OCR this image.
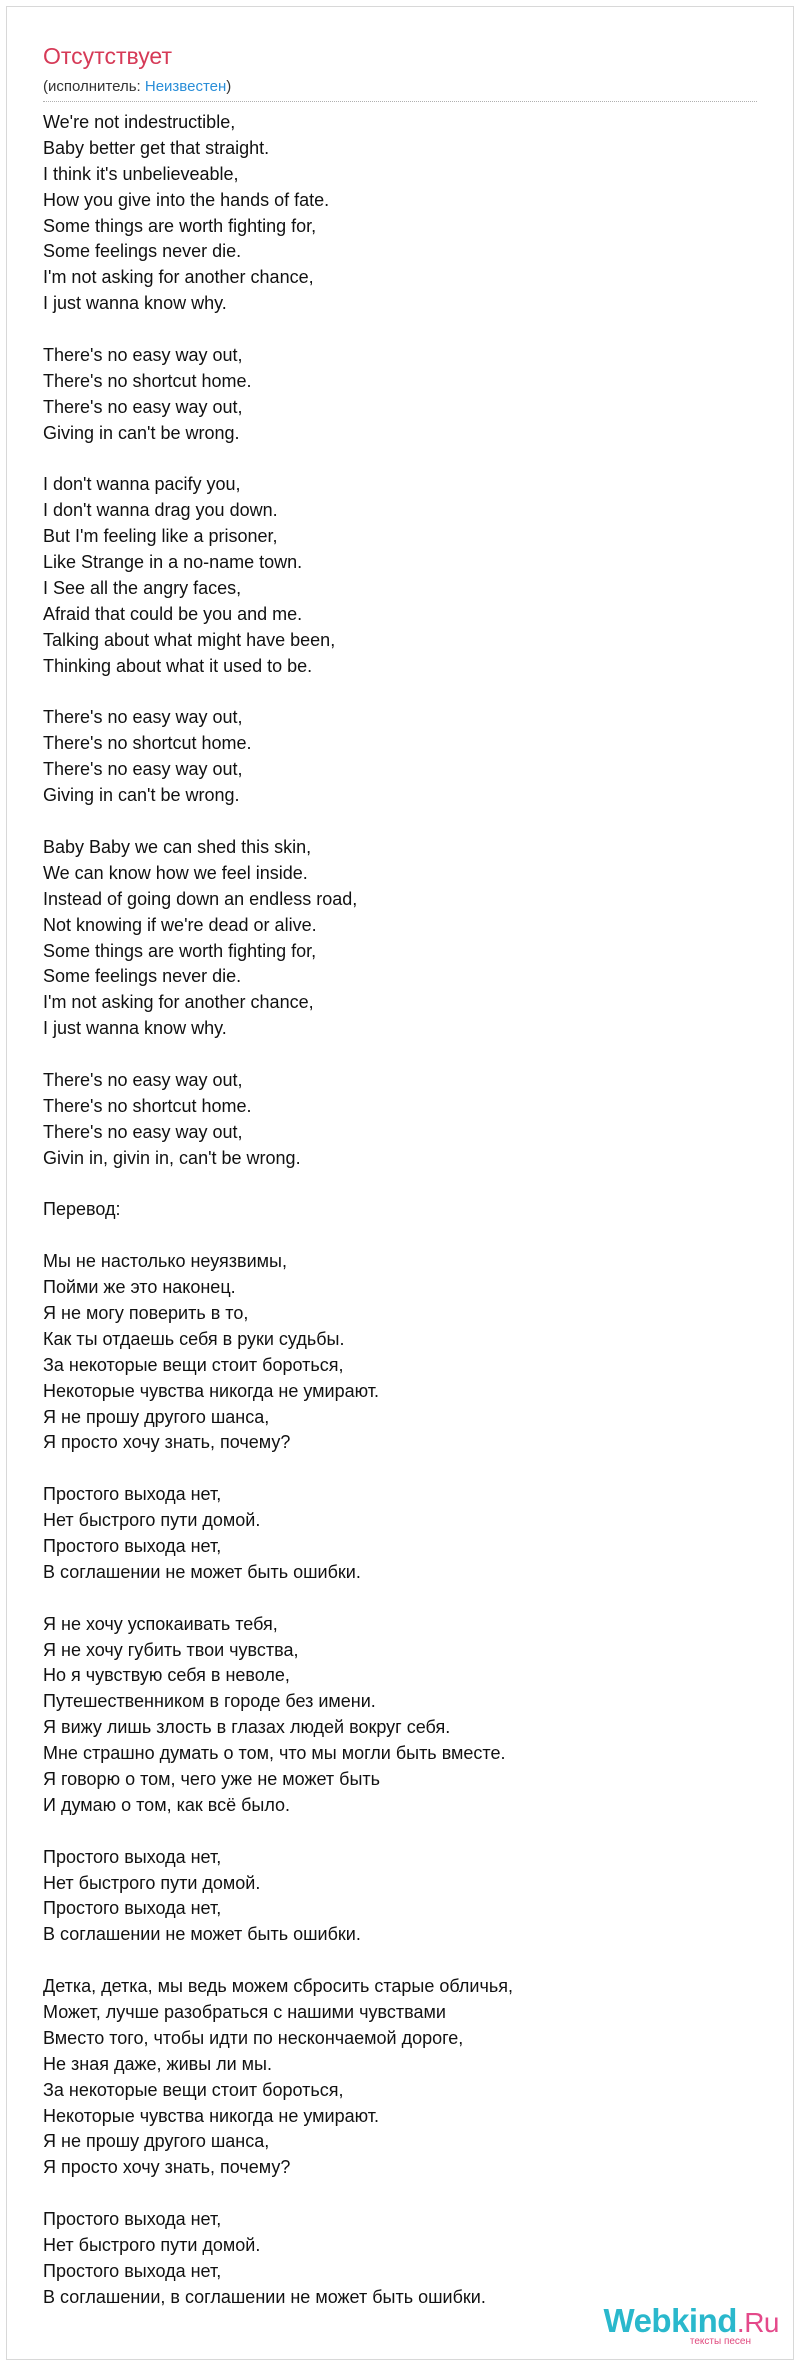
Отсутствует
(исполнитель: Неизвестен)
We're not indestructible,
Baby better get that straight.
I think it's unbelieveable,
How you give into the hands of fate.
Some things are worth fighting for,
Some feelings never die.
I'm not asking for another chance,
I just wanna know why.
There's no easy way out,
There's no shortcut home.
There's no easy way out,
Giving in can't be wrong.
I don't wanna pacify you,
I don't wanna drag you down.
But I'm feeling like a prisoner,
Like Strange in a no-name town.
I See all the angry faces,
Afraid that could be you and me.
Talking about what might have been,
Thinking about what it used to be.
There's no easy way out,
There's no shortcut home.
There's no easy way out,
Giving in can't be wrong.
Baby Baby we can shed this skin,
We can know how we feel inside.
Instead of going down an endless road,
Not knowing if we're dead or alive.
Some things are worth fighting for,
Some feelings never die.
I'm not asking for another chance,
I just wanna know why.
There's no easy way out,
There's no shortcut home.
There's no easy way out,
Givin in, givin in, can't be wrong.
Перевод:
Мы не настолько неуязвимы,
Пойми же это наконец.
Я не могу поверить в то,
Как ты отдаешь себя в руки судьбы.
За некоторые вещи стоит бороться,
Некоторые чувства никогда не умирают.
Я не прошу другого шанса,
Я просто хочу знать, почему?
Простого выхода нет,
Нет быстрого пути домой.
Простого выхода нет,
В соглашении не может быть ошибки.
Я не хочу успокаивать тебя,
Я не хочу губить твои чувства,
Но я чувствую себя в неволе,
Путешественником в городе без имени.
Я вижу лишь злость в глазах людей вокруг себя.
Мне страшно думать о том, что мы могли быть вместе.
Я говорю о том, чего уже не может быть
И думаю о том, как всё было.
Простого выхода нет,
Нет быстрого пути домой.
Простого выхода нет,
В соглашении не может быть ошибки.
Детка, детка, мы ведь можем сбросить старые обличья,
Может, лучше разобраться с нашими чувствами
Вместо того, чтобы идти по нескончаемой дороге,
Не зная даже, живы ли мы.
За некоторые вещи стоит бороться,
Некоторые чувства никогда не умирают.
Я не прошу другого шанса,
Я просто хочу знать, почему?
Простого выхода нет,
Нет быстрого пути домой.
Простого выхода нет,
В соглашении, в соглашении не может быть ошибки.
Webkind.Ru
тексты песен
